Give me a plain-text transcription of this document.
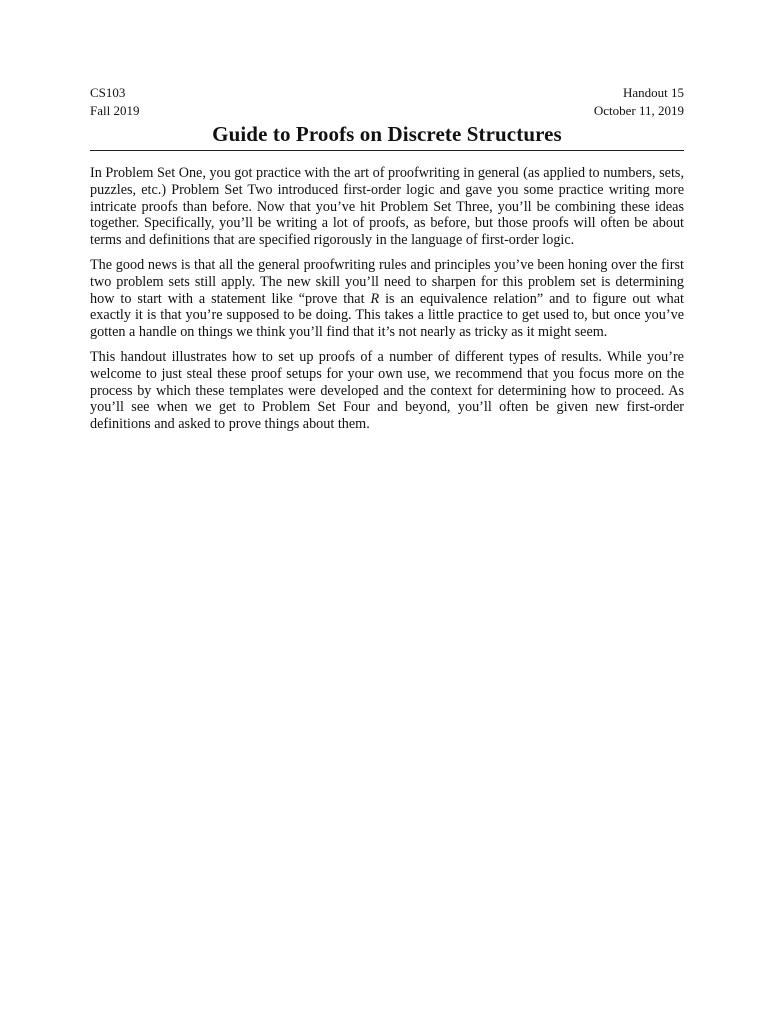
CS103	Handout 15
Fall 2019	October 11, 2019
Guide to Proofs on Discrete Structures

In Problem Set One, you got practice with the art of proofwriting in general (as applied to numbers, sets, puzzles, etc.) Problem Set Two introduced first-order logic and gave you some practice writing more intricate proofs than before. Now that you’ve hit Problem Set Three, you’ll be combining these ideas together. Specifically, you’ll be writing a lot of proofs, as before, but those proofs will often be about terms and definitions that are specified rigorously in the language of first-order logic.

The good news is that all the general proofwriting rules and principles you’ve been honing over the first two problem sets still apply. The new skill you’ll need to sharpen for this problem set is determining how to start with a statement like “prove that R is an equivalence relation” and to figure out what exactly it is that you’re supposed to be doing. This takes a little practice to get used to, but once you’ve gotten a handle on things we think you’ll find that it’s not nearly as tricky as it might seem.

This handout illustrates how to set up proofs of a number of different types of results. While you’re welcome to just steal these proof setups for your own use, we recommend that you focus more on the process by which these templates were developed and the context for determining how to proceed. As you’ll see when we get to Problem Set Four and beyond, you’ll often be given new first-order definitions and asked to prove things about them.
